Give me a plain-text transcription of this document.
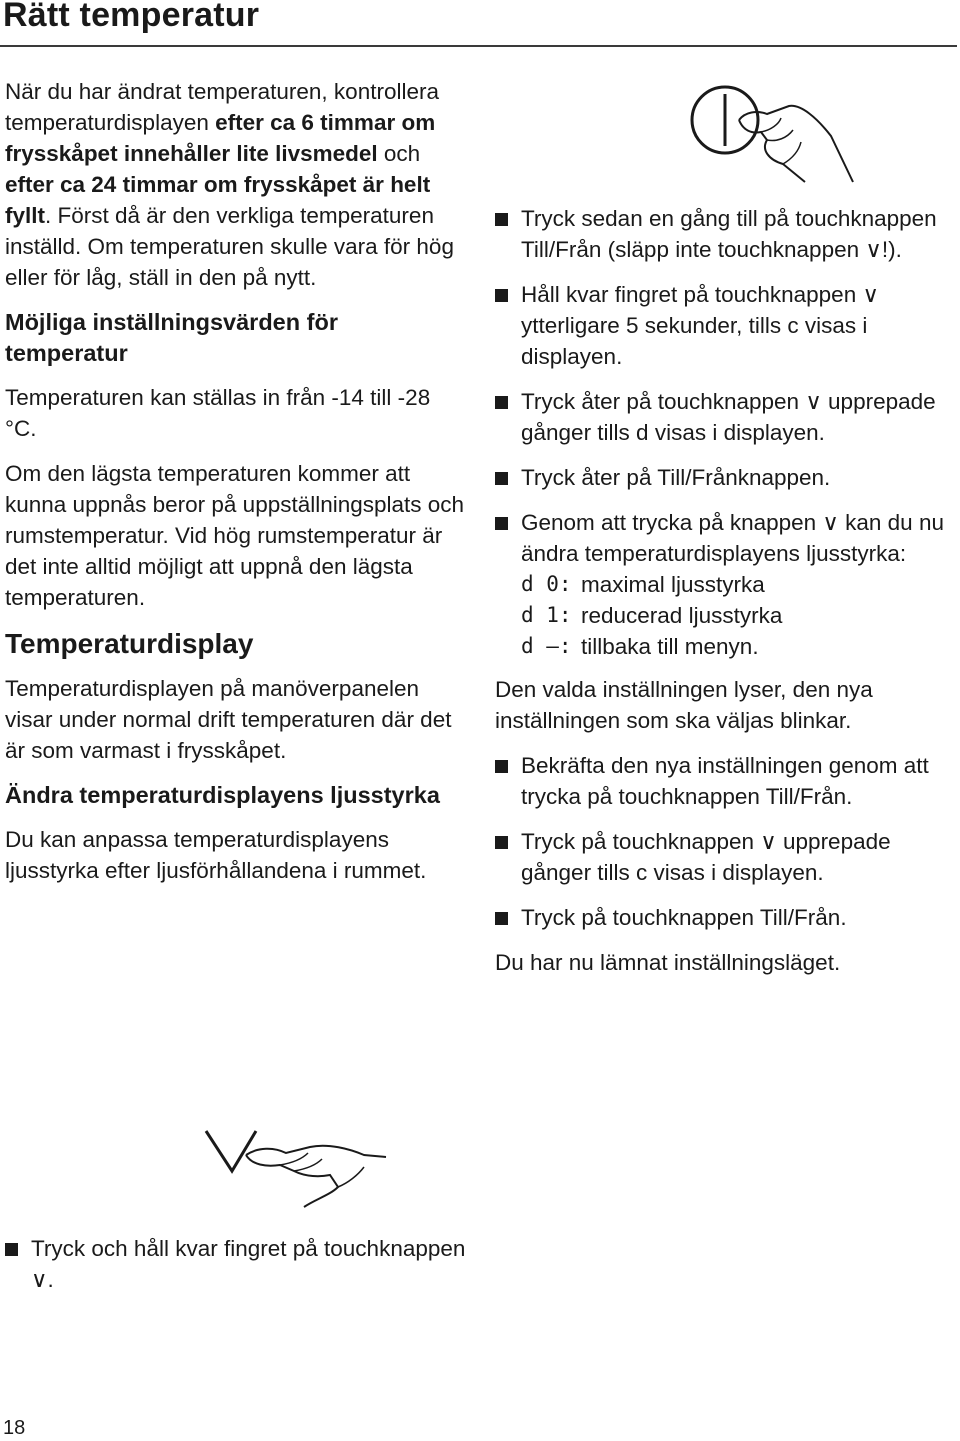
Rätt temperatur

När du har ändrat temperaturen, kontrollera temperaturdisplayen efter ca 6 timmar om frysskåpet innehåller lite livsmedel och efter ca 24 timmar om frysskåpet är helt fyllt. Först då är den verkliga temperaturen inställd. Om temperaturen skulle vara för hög eller för låg, ställ in den på nytt.

Möjliga inställningsvärden för temperatur

Temperaturen kan ställas in från -14 till -28 °C.

Om den lägsta temperaturen kommer att kunna uppnås beror på uppställningsplats och rumstemperatur. Vid hög rumstemperatur är det inte alltid möjligt att uppnå den lägsta temperaturen.

Temperaturdisplay

Temperaturdisplayen på manöverpanelen visar under normal drift temperaturen där det är som varmast i frysskåpet.

Ändra temperaturdisplayens ljusstyrka

Du kan anpassa temperaturdisplayens ljusstyrka efter ljusförhållandena i rummet.

Tryck sedan en gång till på touchknappen Till/Från (släpp inte touchknappen ∨!).
Håll kvar fingret på touchknappen ∨ ytterligare 5 sekunder, tills c visas i displayen.
Tryck åter på touchknappen ∨ upprepade gånger tills d visas i displayen.
Tryck åter på Till/Frånknappen.
Genom att trycka på knappen ∨ kan du nu ändra temperaturdisplayens ljusstyrka:
d 0: maximal ljusstyrka
d 1: reducerad ljusstyrka
d –: tillbaka till menyn.

Den valda inställningen lyser, den nya inställningen som ska väljas blinkar.

Bekräfta den nya inställningen genom att trycka på touchknappen Till/Från.
Tryck på touchknappen ∨ upprepade gånger tills c visas i displayen.
Tryck på touchknappen Till/Från.

Du har nu lämnat inställningsläget.

Tryck och håll kvar fingret på touchknappen ∨.
18
